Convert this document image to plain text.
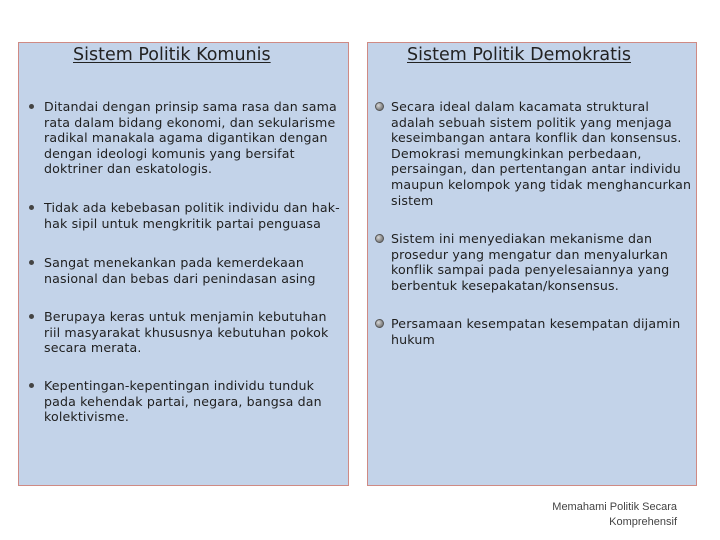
Sistem Politik Komunis	Sistem Politik Demokratis
Ditandai dengan prinsip sama rasa dan sama rata dalam bidang ekonomi, dan sekularisme radikal manakala agama digantikan dengan dengan ideologi komunis yang bersifat doktriner dan eskatologis.
Tidak ada kebebasan politik individu dan hak-hak sipil untuk mengkritik partai penguasa
Sangat menekankan pada kemerdekaan nasional dan bebas dari penindasan asing
Berupaya keras untuk menjamin kebutuhan riil masyarakat khususnya kebutuhan pokok secara merata.
Kepentingan-kepentingan individu tunduk pada kehendak partai, negara, bangsa dan kolektivisme.
Secara ideal dalam kacamata struktural adalah sebuah sistem politik yang menjaga keseimbangan antara konflik dan konsensus. Demokrasi memungkinkan perbedaan, persaingan, dan pertentangan antar individu maupun kelompok yang tidak menghancurkan sistem
Sistem ini menyediakan mekanisme dan prosedur yang mengatur dan menyalurkan konflik sampai pada penyelesaiannya yang berbentuk kesepakatan/konsensus.
Persamaan kesempatan kesempatan dijamin hukum
Memahami Politik Secara
Komprehensif
